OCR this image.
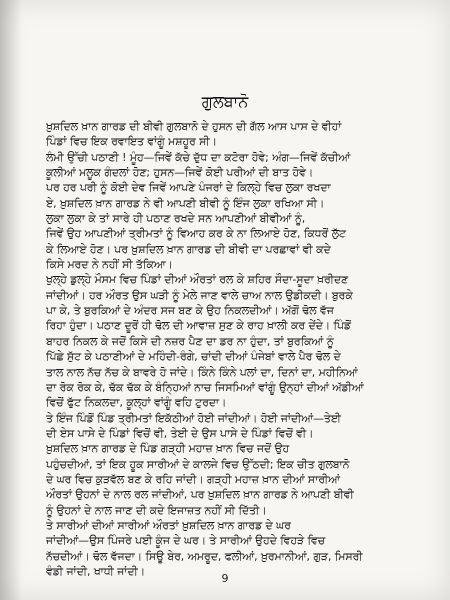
ਗੁਲਬਾਨੋ
ਖ਼ੁਸ਼ਦਿਲ ਖ਼ਾਨ ਗਾਰਡ ਦੀ ਬੀਵੀ ਗੁਲਬਾਨੋ ਦੇ ਹੁਸਨ ਦੀ ਗੱਲ ਆਸ ਪਾਸ ਦੇ ਵੀਹਾਂ
ਪਿੰਡਾਂ ਵਿਚ ਇਕ ਰਵਾਇਤ ਵਾਂਗੂੰ ਮਸ਼ਹੂਰ ਸੀ।
ਲੰਮੀ ਉੱਚੀ ਪਠਾਣੀ ! ਮੂੰਹ—ਜਿਵੇਂ ਕੱਚੇ ਦੁੱਧ ਦਾ ਕਟੋਰਾ ਹੋਵੇ; ਅੰਗ—ਜਿਵੇਂ ਕੱਚੀਆਂ
ਕੂਲੀਆਂ ਮਲੂਕ ਗੰਦਲਾਂ ਹੋਣ; ਹੁਸਨ—ਜਿਵੇਂ ਕੋਈ ਪਰੀਆਂ ਦੀ ਬਾਤ ਹੋਵੇ।
ਪਰ ਹਰ ਪਰੀ ਨੂੰ ਕੋਈ ਦੇਵ ਜਿਵੇਂ ਆਪਣੇ ਪੰਜਰਾਂ ਦੇ ਕਿਲ੍ਹੇ ਵਿਚ ਲੁਕਾ ਰਖਦਾ
ਏ, ਖ਼ੁਸ਼ਦਿਲ ਖ਼ਾਨ ਗਾਰਡ ਨੇ ਵੀ ਆਪਣੀ ਬੀਵੀ ਨੂੰ ਇੰਜ ਲੁਕਾ ਰਖਿਆ ਸੀ।
ਲੁਕਾ ਲੁਕਾ ਕੇ ਤਾਂ ਸਾਰੇ ਹੀ ਪਠਾਣ ਰਖਦੇ ਸਨ ਆਪਣੀਆਂ ਬੀਵੀਆਂ ਨੂੰ,
ਜਿਵੇਂ ਉਹ ਆਪਣੀਆਂ ਤ੍ਰੀਮਤਾਂ ਨੂੰ ਵਿਆਹ ਕਰ ਕੇ ਨਾ ਲਿਆਏ ਹੋਣ, ਕਿਧਰੋਂ ਲੁੱਟ
ਕੇ ਲਿਆਏ ਹੋਣ। ਪਰ ਖ਼ੁਸ਼ਦਿਲ ਖ਼ਾਨ ਗਾਰਡ ਦੀ ਬੀਵੀ ਦਾ ਪਰਛਾਵਾਂ ਵੀ ਕਦੇ
ਕਿਸੇ ਮਰਦ ਨੇ ਨਹੀਂ ਸੀ ਤੱਕਿਆ।
ਖੁਲ੍ਹੇ ਡੁਲ੍ਹੇ ਮੌਸਮ ਵਿਚ ਪਿੰਡਾਂ ਦੀਆਂ ਔਰਤਾਂ ਰਲ ਕੇ ਸ਼ਹਿਰ ਸੌਦਾ-ਸੂਦਾ ਖ਼ਰੀਦਣ
ਜਾਂਦੀਆਂ। ਹਰ ਔਰਤ ਉਸ ਘੜੀ ਨੂੰ ਮੇਲੇ ਜਾਣ ਵਾਲੇ ਚਾਅ ਨਾਲ ਉਡੀਕਦੀ। ਬੁਰਕੇ
ਪਾ ਕੇ, ਤੇ ਬੁਰਕਿਆਂ ਦੇ ਅੰਦਰ ਸਜ ਬਣ ਕੇ ਉਹ ਨਿਕਲਦੀਆਂ। ਅੱਗੋਂ ਢੋਲ ਵੱਜ
ਰਿਹਾ ਹੁੰਦਾ। ਪਠਾਣ ਦੂਰੋਂ ਹੀ ਢੋਲ ਦੀ ਆਵਾਜ਼ ਸੁਣ ਕੇ ਰਾਹ ਖ਼ਾਲੀ ਕਰ ਦੇਂਦੇ। ਪਿੰਡੋਂ
ਬਾਹਰ ਨਿਕਲ ਕੇ ਜਦੋਂ ਕਿਸੇ ਦੀ ਨਜ਼ਰ ਪੈਣ ਦਾ ਡਰ ਨਾ ਹੁੰਦਾ, ਤਾਂ ਬੁਰਕਿਆਂ ਨੂੰ
ਪਿੱਛੇ ਸੁੱਟ ਕੇ ਪਠਾਣੀਆਂ ਦੇ ਮਹਿੰਦੀ-ਰੰਗੇ, ਚਾਂਦੀ ਦੀਆਂ ਪੰਜੇਬਾਂ ਵਾਲੇ ਪੈਰ ਢੋਲ ਦੇ
ਤਾਲ ਨਾਲ ਨੱਚ ਨੱਚ ਕੇ ਬਾਵਰੇ ਹੋ ਜਾਂਦੇ। ਕਿੰਨੇ ਕਿੰਨੇ ਪਲਾਂ ਦਾ, ਦਿਨਾਂ ਦਾ, ਮਹੀਨਿਆਂ
ਦਾ ਰੋਕ ਰੋਕ ਕੇ, ਢੱਕ ਢੱਕ ਕੇ ਬੰਨ੍ਹਿਆਂ ਨਾਚ ਜਿਸਮਿਆਂ ਵਾਂਗੂੰ ਉਨ੍ਹਾਂ ਦੀਆਂ ਅੱਡੀਆਂ
ਵਿਚੋਂ ਫੁੱਟ ਨਿਕਲਦਾ, ਕੂਲ੍ਹਾਂ ਵਾਂਗੂੰ ਵਹਿ ਟੁਰਦਾ।
ਤੇ ਇੰਜ ਪਿੰਡੋਂ ਪਿੰਡ ਤ੍ਰੀਮਤਾਂ ਇਕੱਠੀਆਂ ਹੋਈ ਜਾਂਦੀਆਂ। ਹੋਈ ਜਾਂਦੀਆਂ—ਤੇਈ
ਦੀ ਏਸ ਪਾਸੇ ਦੇ ਪਿੰਡਾਂ ਵਿਚੋਂ ਵੀ, ਤੇਈ ਦੇ ਉਸ ਪਾਸੇ ਦੇ ਪਿੰਡਾਂ ਵਿਚੋਂ ਵੀ।
ਖ਼ੁਸ਼ਦਿਲ ਖ਼ਾਨ ਗਾਰਡ ਦੇ ਪਿੰਡ ਗੜ੍ਹੀ ਮਹਾਜ਼ ਖ਼ਾਨ ਵਿਚ ਜਦੋਂ ਉਹ
ਪਹੁੰਚਦੀਆਂ, ਤਾਂ ਇਕ ਹੂਕ ਸਾਰੀਆਂ ਦੇ ਕਾਲਜੇ ਵਿਚ ਉੱਠਦੀ; ਇਕ ਚੀਤ ਗੁਲਬਾਨੋ
ਦੇ ਘਰ ਵਿਚ ਕੁੜਵੱਲ ਬਣ ਕੇ ਰਹਿ ਜਾਂਦੀ। ਗੜ੍ਹੀ ਮਹਾਜ਼ ਖ਼ਾਨ ਦੀਆਂ ਸਾਰੀਆਂ
ਔਰਤਾਂ ਉਹਨਾਂ ਦੇ ਨਾਲ ਰਲ ਜਾਂਦੀਆਂ, ਪਰ ਖ਼ੁਸ਼ਦਿਲ ਖ਼ਾਨ ਗਾਰਡ ਨੇ ਆਪਣੀ ਬੀਵੀ
ਨੂੰ ਉਹਨਾਂ ਦੇ ਨਾਲ ਜਾਣ ਦੀ ਕਦੇ ਇਜਾਜ਼ਤ ਨਹੀਂ ਸੀ ਦਿੱਤੀ।
ਤੇ ਸਾਰੀਆਂ ਦੀਆਂ ਸਾਰੀਆਂ ਔਰਤਾਂ ਖ਼ੁਸ਼ਦਿਲ ਖ਼ਾਨ ਗਾਰਡ ਦੇ ਘਰ
ਜਾਂਦੀਆਂ—ਉਸ ਪਿੰਜਰੇ ਪਈ ਕੂੰਜ ਦੇ ਘਰ। ਤੇ ਸਾਰੀਆਂ ਉਹਦੇ ਵਿਹੜੇ ਵਿਚ
ਨੱਚਦੀਆਂ। ਢੋਲ ਵੱਜਦਾ। ਸਿਊ ਬੇਰ, ਅਮਰੂਦ, ਫਲੀਆਂ, ਖ਼ੁਰਮਾਨੀਆਂ, ਗੁੜ, ਮਿਸਰੀ
ਵੰਡੀ ਜਾਂਦੀ, ਖਾਧੀ ਜਾਂਦੀ।
9
